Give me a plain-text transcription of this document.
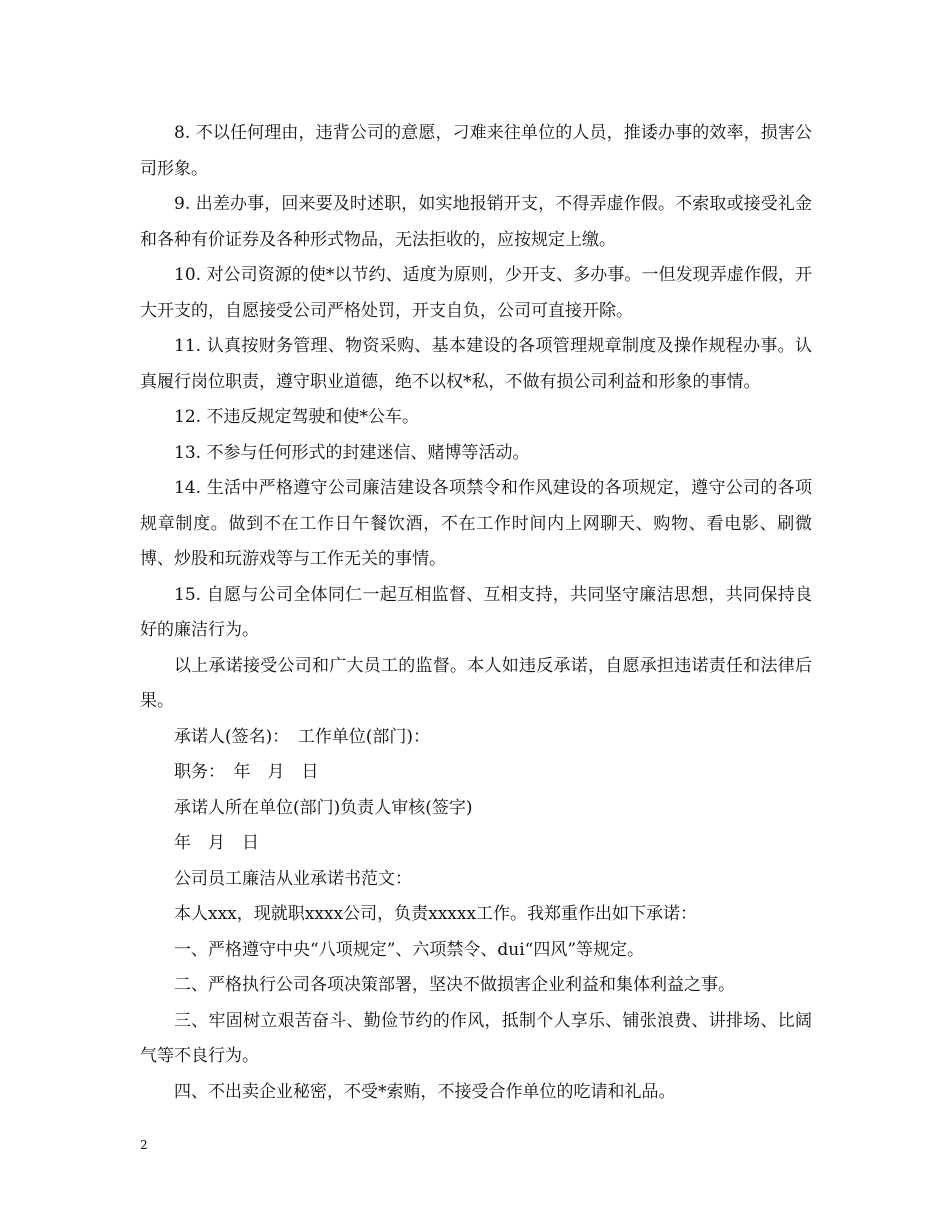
8. 不以任何理由，违背公司的意愿，刁难来往单位的人员，推诿办事的效率，损害公司形象。

9. 出差办事，回来要及时述职，如实地报销开支，不得弄虚作假。不索取或接受礼金和各种有价证券及各种形式物品，无法拒收的，应按规定上缴。

10. 对公司资源的使*以节约、适度为原则，少开支、多办事。一但发现弄虚作假，开大开支的，自愿接受公司严格处罚，开支自负，公司可直接开除。

11. 认真按财务管理、物资采购、基本建设的各项管理规章制度及操作规程办事。认真履行岗位职责，遵守职业道德，绝不以权*私，不做有损公司利益和形象的事情。

12. 不违反规定驾驶和使*公车。

13. 不参与任何形式的封建迷信、赌博等活动。

14. 生活中严格遵守公司廉洁建设各项禁令和作风建设的各项规定，遵守公司的各项规章制度。做到不在工作日午餐饮酒，不在工作时间内上网聊天、购物、看电影、刷微博、炒股和玩游戏等与工作无关的事情。

15. 自愿与公司全体同仁一起互相监督、互相支持，共同坚守廉洁思想，共同保持良好的廉洁行为。

以上承诺接受公司和广大员工的监督。本人如违反承诺，自愿承担违诺责任和法律后果。

承诺人(签名)：　工作单位(部门)：

职务：　年　月　日

承诺人所在单位(部门)负责人审核(签字)

年　月　日

公司员工廉洁从业承诺书范文：

本人xxx，现就职xxxx公司，负责xxxxx工作。我郑重作出如下承诺：

一、严格遵守中央“八项规定”、六项禁令、dui“四风”等规定。

二、严格执行公司各项决策部署，坚决不做损害企业利益和集体利益之事。

三、牢固树立艰苦奋斗、勤俭节约的作风，抵制个人享乐、铺张浪费、讲排场、比阔气等不良行为。

四、不出卖企业秘密，不受*索贿，不接受合作单位的吃请和礼品。

2
